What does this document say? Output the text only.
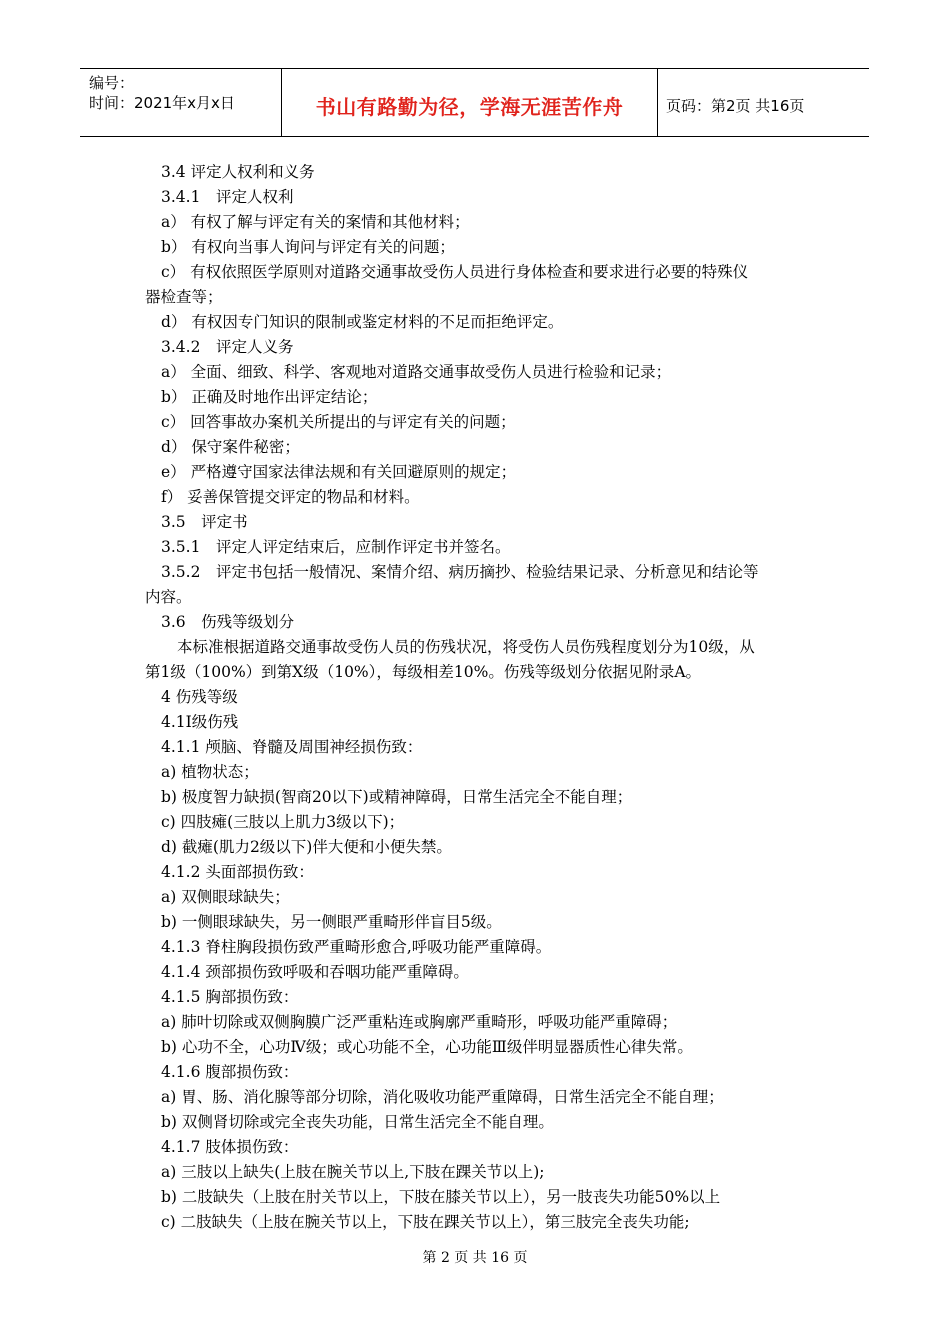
编号：
时间：2021年x月x日	书山有路勤为径，学海无涯苦作舟	页码：第2页 共16页
3.4 评定人权利和义务
3.4.1　评定人权利
a） 有权了解与评定有关的案情和其他材料；
b） 有权向当事人询问与评定有关的问题；
c） 有权依照医学原则对道路交通事故受伤人员进行身体检查和要求进行必要的特殊仪
器检查等；
d） 有权因专门知识的限制或鉴定材料的不足而拒绝评定。
3.4.2　评定人义务
a） 全面、细致、科学、客观地对道路交通事故受伤人员进行检验和记录；
b） 正确及时地作出评定结论；
c） 回答事故办案机关所提出的与评定有关的问题；
d） 保守案件秘密；
e） 严格遵守国家法律法规和有关回避原则的规定；
f） 妥善保管提交评定的物品和材料。
3.5　评定书
3.5.1　评定人评定结束后，应制作评定书并签名。
3.5.2　评定书包括一般情况、案情介绍、病历摘抄、检验结果记录、分析意见和结论等
内容。
3.6　伤残等级划分
本标准根据道路交通事故受伤人员的伤残状况，将受伤人员伤残程度划分为10级，从
第1级（100%）到第X级（10%），每级相差10%。伤残等级划分依据见附录A。
4 伤残等级
4.1Ⅰ级伤残
4.1.1 颅脑、脊髓及周围神经损伤致：
a) 植物状态；
b) 极度智力缺损(智商20以下)或精神障碍，日常生活完全不能自理；
c) 四肢瘫(三肢以上肌力3级以下)；
d) 截瘫(肌力2级以下)伴大便和小便失禁。
4.1.2 头面部损伤致：
a) 双侧眼球缺失；
b) 一侧眼球缺失，另一侧眼严重畸形伴盲目5级。
4.1.3 脊柱胸段损伤致严重畸形愈合,呼吸功能严重障碍。
4.1.4 颈部损伤致呼吸和吞咽功能严重障碍。
4.1.5 胸部损伤致：
a) 肺叶切除或双侧胸膜广泛严重粘连或胸廓严重畸形，呼吸功能严重障碍；
b) 心功不全，心功Ⅳ级；或心功能不全，心功能Ⅲ级伴明显器质性心律失常。
4.1.6 腹部损伤致：
a) 胃、肠、消化腺等部分切除，消化吸收功能严重障碍，日常生活完全不能自理；
b) 双侧肾切除或完全丧失功能，日常生活完全不能自理。
4.1.7 肢体损伤致：
a) 三肢以上缺失(上肢在腕关节以上,下肢在踝关节以上);
b) 二肢缺失（上肢在肘关节以上，下肢在膝关节以上），另一肢丧失功能50%以上
c) 二肢缺失（上肢在腕关节以上，下肢在踝关节以上），第三肢完全丧失功能;
第 2 页 共 16 页
